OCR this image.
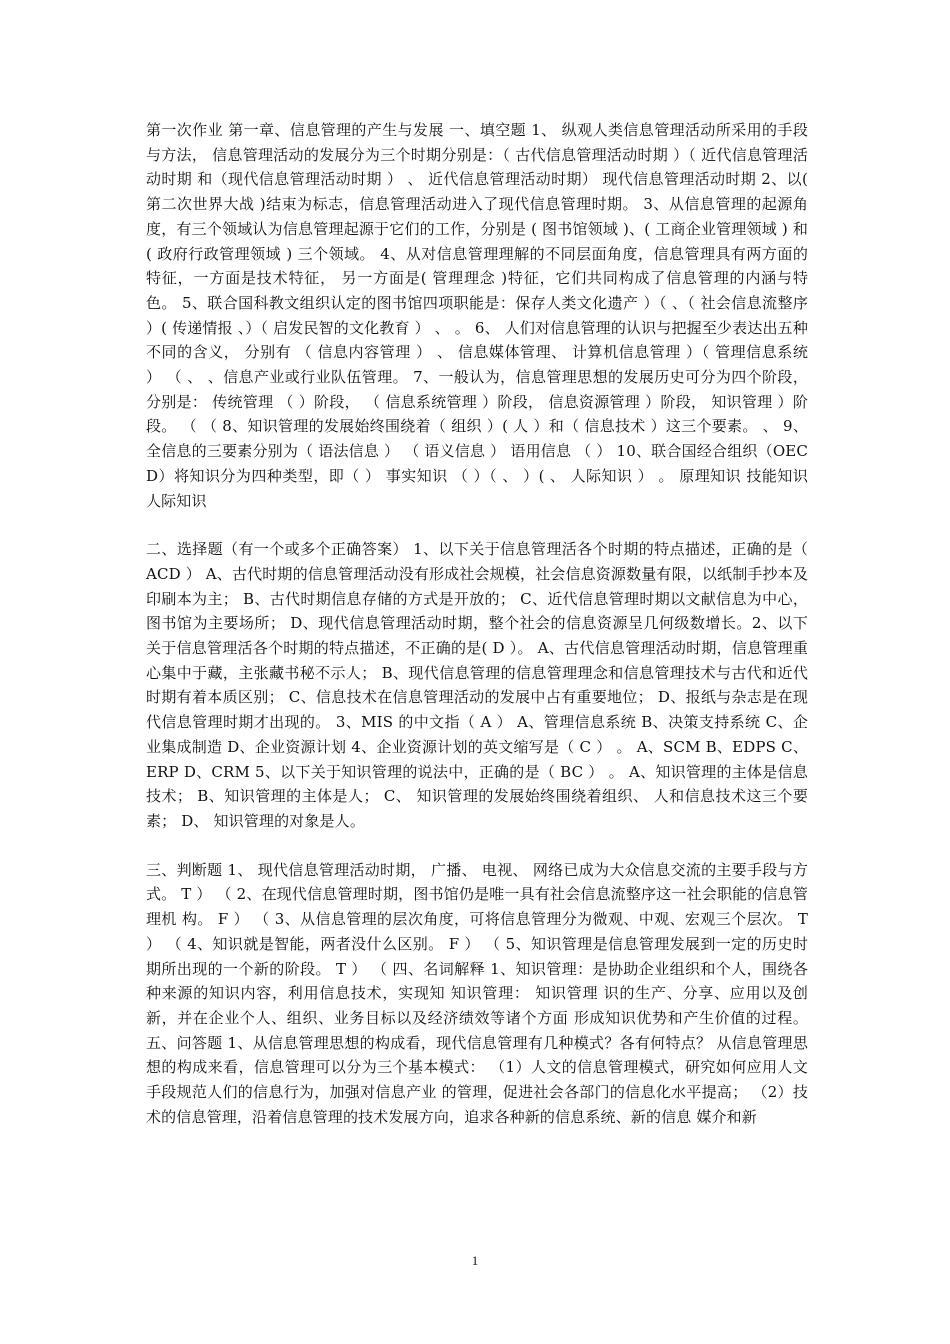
第一次作业 第一章、信息管理的产生与发展 一、填空题 1、 纵观人类信息管理活动所采用的手段与方法， 信息管理活动的发展分为三个时期分别是：（ 古代信息管理活动时期 ）（ 近代信息管理活动时期 和（现代信息管理活动时期 ） 、 近代信息管理活动时期） 现代信息管理活动时期 2、以( 第二次世界大战 )结束为标志，信息管理活动进入了现代信息管理时期。 3、从信息管理的起源角度，有三个领域认为信息管理起源于它们的工作，分别是 ( 图书馆领域 )、( 工商企业管理领域 ) 和 ( 政府行政管理领域 ) 三个领域。 4、从对信息管理理解的不同层面角度，信息管理具有两方面的特征，一方面是技术特征， 另一方面是( 管理理念 )特征，它们共同构成了信息管理的内涵与特色。 5、联合国科教文组织认定的图书馆四项职能是：保存人类文化遗产 ）（ 、（ 社会信息流整序 ）( 传递情报 、）（ 启发民智的文化教育 ） 、 。 6、 人们对信息管理的认识与把握至少表达出五种不同的含义， 分别有 （ 信息内容管理 ） 、 信息媒体管理、 计算机信息管理 ）（ 管理信息系统 ） （ 、 、信息产业或行业队伍管理。 7、一般认为，信息管理思想的发展历史可分为四个阶段，分别是： 传统管理 （ ）阶段， （ 信息系统管理 ）阶段， 信息资源管理 ）阶段， 知识管理 ）阶段。 （ （ 8、知识管理的发展始终围绕着（ 组织 ）( 人 ）和（ 信息技术 ）这三个要素。 、 9、全信息的三要素分别为（ 语法信息 ） （ 语义信息 ） 语用信息 （ ） 10、联合国经合组织（OECD）将知识分为四种类型，即（ ） 事实知识 （ ）（ 、 ）( 、 人际知识 ） 。 原理知识 技能知识 人际知识

二、选择题（有一个或多个正确答案） 1、以下关于信息管理活各个时期的特点描述，正确的是（ ACD ） A、古代时期的信息管理活动没有形成社会规模，社会信息资源数量有限，以纸制手抄本及 印刷本为主； B、古代时期信息存储的方式是开放的； C、近代信息管理时期以文献信息为中心，图书馆为主要场所； D、现代信息管理活动时期，整个社会的信息资源呈几何级数增长。2、以下关于信息管理活各个时期的特点描述，不正确的是( D ）。 A、古代信息管理活动时期，信息管理重心集中于藏，主张藏书秘不示人； B、现代信息管理的信息管理理念和信息管理技术与古代和近代时期有着本质区别； C、信息技术在信息管理活动的发展中占有重要地位； D、报纸与杂志是在现代信息管理时期才出现的。 3、MIS 的中文指（ A ） A、管理信息系统 B、决策支持系统 C、企业集成制造 D、企业资源计划 4、企业资源计划的英文缩写是（ C ） 。 A、SCM B、EDPS C、ERP D、CRM 5、以下关于知识管理的说法中，正确的是（ BC ） 。 A、知识管理的主体是信息技术； B、知识管理的主体是人； C、 知识管理的发展始终围绕着组织、 人和信息技术这三个要素； D、 知识管理的对象是人。

三、判断题 1、 现代信息管理活动时期， 广播、 电视、 网络已成为大众信息交流的主要手段与方式。 T ） （ 2、在现代信息管理时期，图书馆仍是唯一具有社会信息流整序这一社会职能的信息管理机 构。 F ） （ 3、从信息管理的层次角度，可将信息管理分为微观、中观、宏观三个层次。 T ） （ 4、知识就是智能，两者没什么区别。 F ） （ 5、知识管理是信息管理发展到一定的历史时期所出现的一个新的阶段。 T ） （ 四、名词解释 1、知识管理：是协助企业组织和个人，围绕各种来源的知识内容，利用信息技术，实现知 知识管理： 知识管理 识的生产、分享、应用以及创新，并在企业个人、组织、业务目标以及经济绩效等诸个方面 形成知识优势和产生价值的过程。 五、问答题 1、从信息管理思想的构成看，现代信息管理有几种模式？各有何特点？ 从信息管理思想的构成来看，信息管理可以分为三个基本模式： （1）人文的信息管理模式，研究如何应用人文手段规范人们的信息行为，加强对信息产业 的管理，促进社会各部门的信息化水平提高； （2）技术的信息管理，沿着信息管理的技术发展方向，追求各种新的信息系统、新的信息 媒介和新

1
